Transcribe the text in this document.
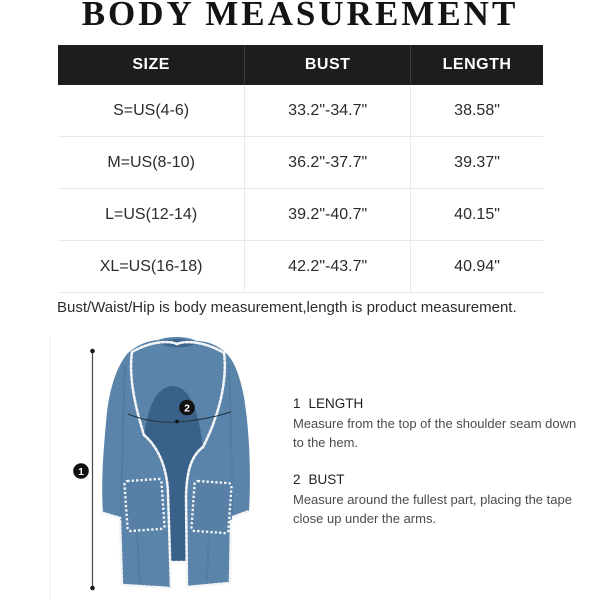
BODY MEASUREMENT
SIZE	BUST	LENGTH
S=US(4-6)	33.2"-34.7"	38.58"
M=US(8-10)	36.2"-37.7"	39.37"
L=US(12-14)	39.2"-40.7"	40.15"
XL=US(16-18)	42.2"-43.7"	40.94"

Bust/Waist/Hip is body measurement,length is product measurement.

1
2	1 LENGTH

Measure from the top of the shoulder seam down to the hem.

2 BUST

Measure around the fullest part, placing the tape close up under the arms.
